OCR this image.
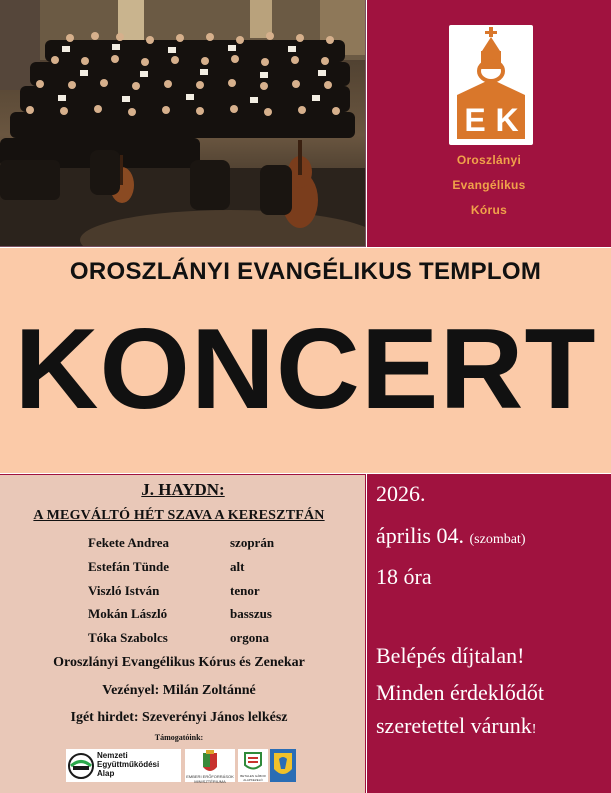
E K
Oroszlányi
Evangélikus
Kórus
OROSZLÁNYI EVANGÉLIKUS TEMPLOM
KONCERT
J. HAYDN:
A MEGVÁLTÓ HÉT SZAVA A KERESZTFÁN
Fekete Andrea	szoprán
Estefán Tünde	alt
Viszló István	tenor
Mokán László	basszus
Tóka Szabolcs	orgona
Oroszlányi Evangélikus Kórus és Zenekar
Vezényel: Milán Zoltánné
Igét hirdet: Szeverényi János lelkész
Támogatóink:
Nemzeti
Együttműködési
Alap	EMBERI ERŐFORRÁSOK MINISZTÉRIUMA
BETHLEN GÁBOR ALAPKEZELŐ
2026.
április 04. (szombat)
18 óra
Belépés díjtalan!
Minden érdeklődőt
szeretettel várunk!
